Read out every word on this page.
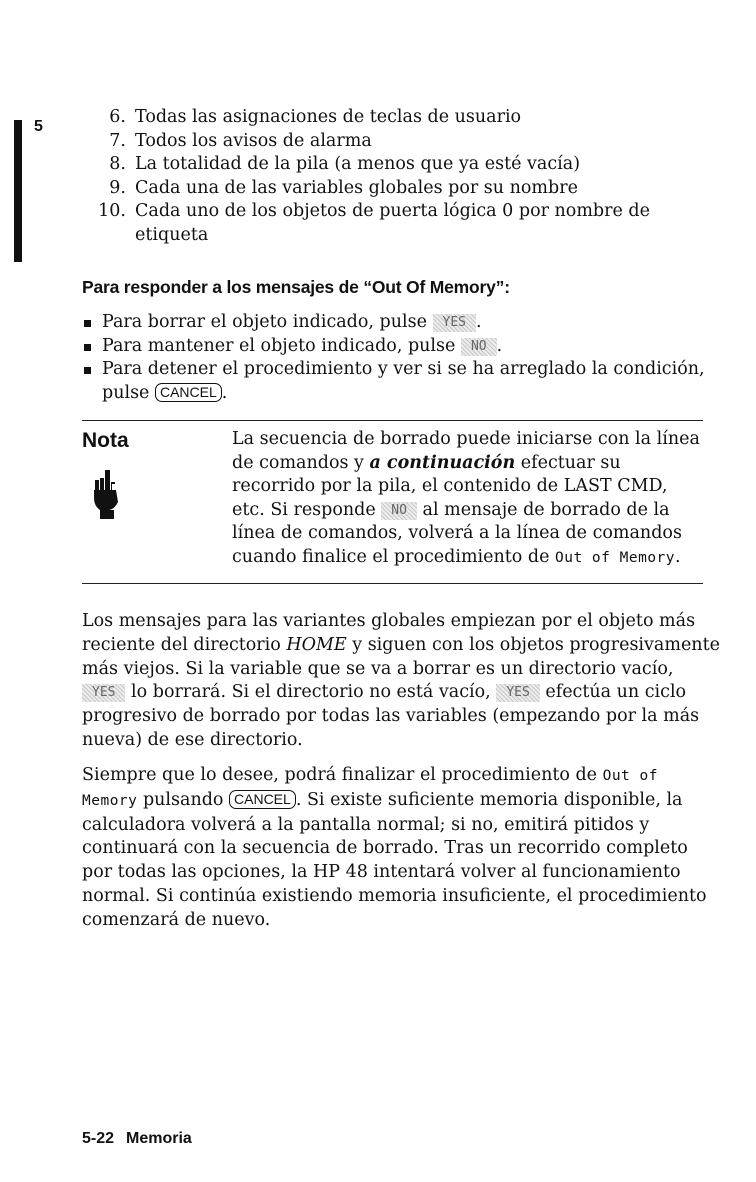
5	6. Todas las asignaciones de teclas de usuario
7. Todos los avisos de alarma
8. La totalidad de la pila (a menos que ya esté vacía)
9. Cada una de las variables globales por su nombre
10. Cada uno de los objetos de puerta lógica 0 por nombre de etiqueta
Para responder a los mensajes de “Out Of Memory”:
Para borrar el objeto indicado, pulse YES .
Para mantener el objeto indicado, pulse NO .
Para detener el procedimiento y ver si se ha arreglado la condición, pulse CANCEL .
Nota	La secuencia de borrado puede iniciarse con la línea de comandos y a continuación efectuar su recorrido por la pila, el contenido de LAST CMD, etc. Si responde NO al mensaje de borrado de la línea de comandos, volverá a la línea de comandos cuando finalice el procedimiento de Out of Memory.
Los mensajes para las variantes globales empiezan por el objeto más reciente del directorio HOME y siguen con los objetos progresivamente más viejos. Si la variable que se va a borrar es un directorio vacío, YES lo borrará. Si el directorio no está vacío, YES efectúa un ciclo progresivo de borrado por todas las variables (empezando por la más nueva) de ese directorio.
Siempre que lo desee, podrá finalizar el procedimiento de Out of Memory pulsando CANCEL . Si existe suficiente memoria disponible, la calculadora volverá a la pantalla normal; si no, emitirá pitidos y continuará con la secuencia de borrado. Tras un recorrido completo por todas las opciones, la HP 48 intentará volver al funcionamiento normal. Si continúa existiendo memoria insuficiente, el procedimiento comenzará de nuevo.
5-22 Memoria
